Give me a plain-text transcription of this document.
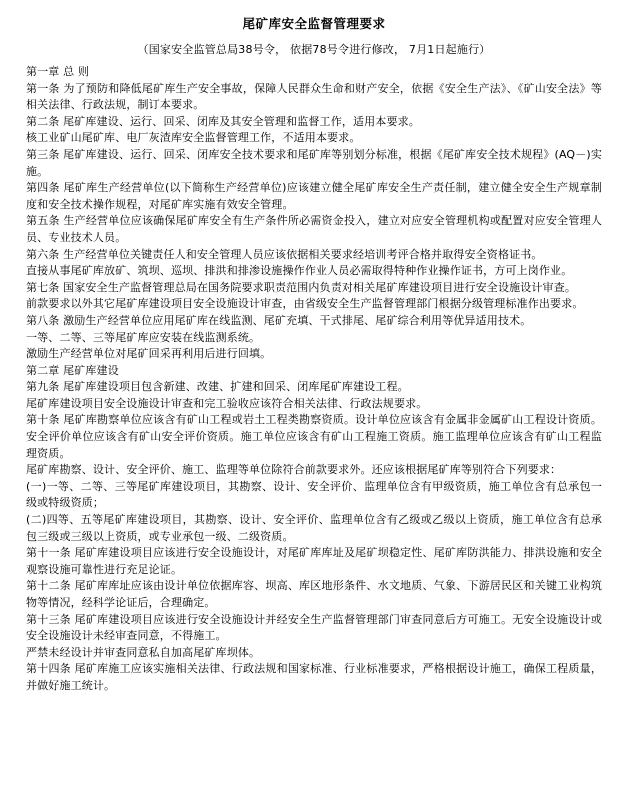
尾矿库安全监督管理要求
（国家安全监管总局38号令， 依据78号令进行修改， 7月1日起施行）

第一章 总 则

第一条 为了预防和降低尾矿库生产安全事故，保障人民群众生命和财产安全，依据《安全生产法》、《矿山安全法》等相关法律、行政法规，制订本要求。

第二条 尾矿库建设、运行、回采、闭库及其安全管理和监督工作，适用本要求。

核工业矿山尾矿库、电厂灰渣库安全监督管理工作，不适用本要求。

第三条 尾矿库建设、运行、回采、闭库安全技术要求和尾矿库等别划分标准，根据《尾矿库安全技术规程》(AQ－)实施。

第四条 尾矿库生产经营单位(以下简称生产经营单位)应该建立健全尾矿库安全生产责任制，建立健全安全生产规章制度和安全技术操作规程，对尾矿库实施有效安全管理。

第五条 生产经营单位应该确保尾矿库安全有生产条件所必需资金投入，建立对应安全管理机构或配置对应安全管理人员、专业技术人员。

第六条 生产经营单位关键责任人和安全管理人员应该依据相关要求经培训考评合格并取得安全资格证书。

直接从事尾矿库放矿、筑坝、巡坝、排洪和排渗设施操作作业人员必需取得特种作业操作证书，方可上岗作业。

第七条 国家安全生产监督管理总局在国务院要求职责范围内负责对相关尾矿库建设项目进行安全设施设计审查。

前款要求以外其它尾矿库建设项目安全设施设计审查，由省级安全生产监督管理部门根据分级管理标准作出要求。

第八条 激励生产经营单位应用尾矿库在线监测、尾矿充填、干式排尾、尾矿综合利用等优异适用技术。

一等、二等、三等尾矿库应安装在线监测系统。

激励生产经营单位对尾矿回采再利用后进行回填。

第二章 尾矿库建设

第九条 尾矿库建设项目包含新建、改建、扩建和回采、闭库尾矿库建设工程。

尾矿库建设项目安全设施设计审查和完工验收应该符合相关法律、行政法规要求。

第十条 尾矿库勘察单位应该含有矿山工程或岩土工程类勘察资质。设计单位应该含有金属非金属矿山工程设计资质。安全评价单位应该含有矿山安全评价资质。施工单位应该含有矿山工程施工资质。施工监理单位应该含有矿山工程监理资质。

尾矿库勘察、设计、安全评价、施工、监理等单位除符合前款要求外。还应该根据尾矿库等别符合下列要求：

(一)一等、二等、三等尾矿库建设项目，其勘察、设计、安全评价、监理单位含有甲级资质，施工单位含有总承包一级或特级资质；

(二)四等、五等尾矿库建设项目，其勘察、设计、安全评价、监理单位含有乙级或乙级以上资质，施工单位含有总承包三级或三级以上资质，或专业承包一级、二级资质。

第十一条 尾矿库建设项目应该进行安全设施设计，对尾矿库库址及尾矿坝稳定性、尾矿库防洪能力、排洪设施和安全观察设施可靠性进行充足论证。

第十二条 尾矿库库址应该由设计单位依据库容、坝高、库区地形条件、水文地质、气象、下游居民区和关键工业构筑物等情况，经科学论证后，合理确定。

第十三条 尾矿库建设项目应该进行安全设施设计并经安全生产监督管理部门审查同意后方可施工。无安全设施设计或安全设施设计未经审查同意，不得施工。

严禁未经设计并审查同意私自加高尾矿库坝体。

第十四条 尾矿库施工应该实施相关法律、行政法规和国家标准、行业标准要求，严格根据设计施工，确保工程质量，并做好施工统计。
